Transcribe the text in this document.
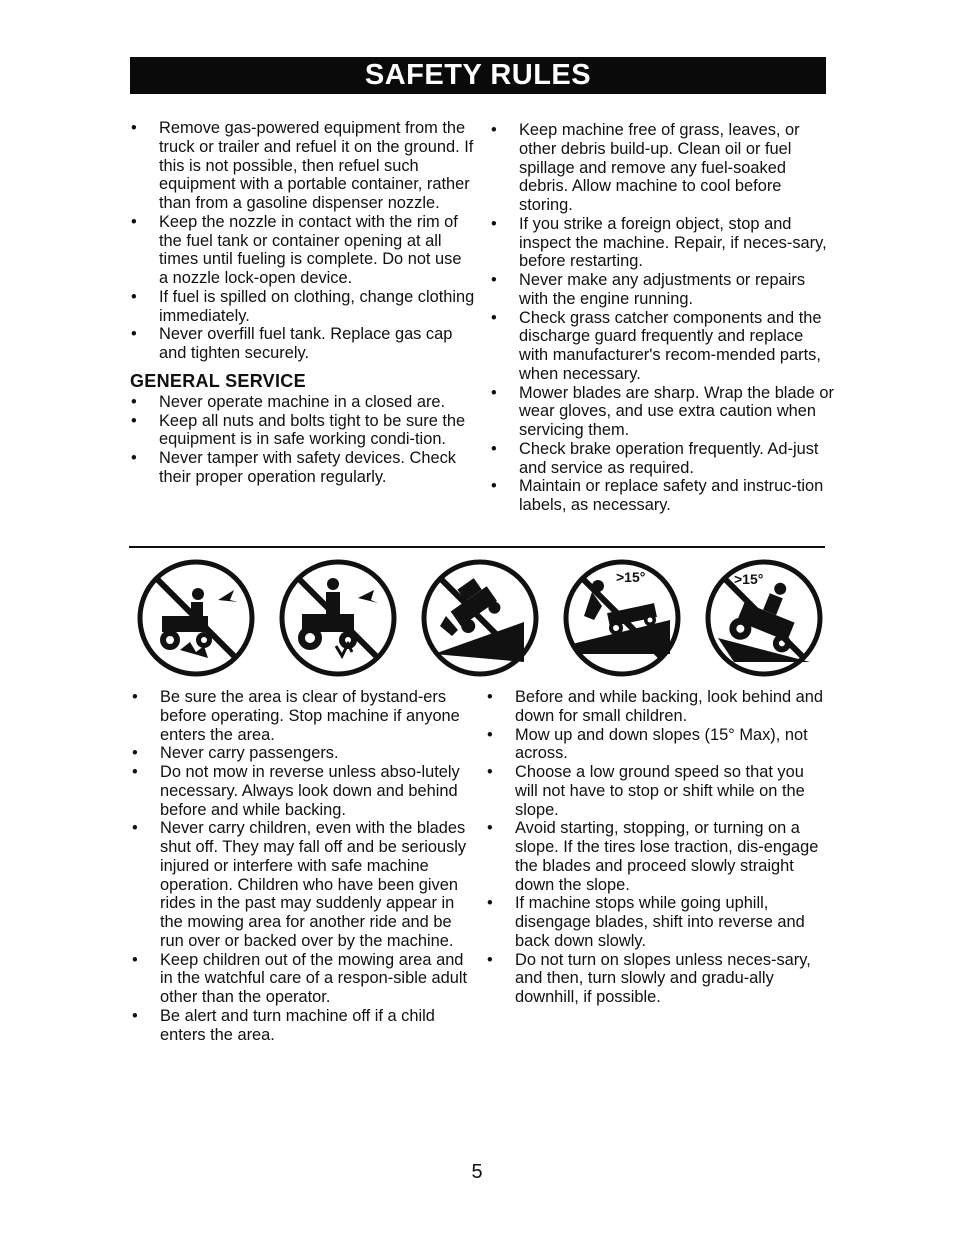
SAFETY RULES
• Remove gas-powered equipment from the truck or trailer and refuel it on the ground. If this is not possible, then refuel such equipment with a portable container, rather than from a gasoline dispenser nozzle.
• Keep the nozzle in contact with the rim of the fuel tank or container opening at all times until fueling is complete. Do not use a nozzle lock-open device.
• If fuel is spilled on clothing, change clothing immediately.
• Never overfill fuel tank. Replace gas cap and tighten securely.
GENERAL SERVICE
• Never operate machine in a closed are.
• Keep all nuts and bolts tight to be sure the equipment is in safe working condi-tion.
• Never tamper with safety devices. Check their proper operation regularly.
• Keep machine free of grass, leaves, or other debris build-up. Clean oil or fuel spillage and remove any fuel-soaked debris. Allow machine to cool before storing.
• If you strike a foreign object, stop and inspect the machine. Repair, if neces-sary, before restarting.
• Never make any adjustments or repairs with the engine running.
• Check grass catcher components and the discharge guard frequently and replace with manufacturer's recom-mended parts, when necessary.
• Mower blades are sharp. Wrap the blade or wear gloves, and use extra caution when servicing them.
• Check brake operation frequently. Ad-just and service as required.
• Maintain or replace safety and instruc-tion labels, as necessary.
>15°	>15°
• Be sure the area is clear of bystand-ers before operating. Stop machine if anyone enters the area.
• Never carry passengers.
• Do not mow in reverse unless abso-lutely necessary. Always look down and behind before and while backing.
• Never carry children, even with the blades shut off. They may fall off and be seriously injured or interfere with safe machine operation. Children who have been given rides in the past may suddenly appear in the mowing area for another ride and be run over or backed over by the machine.
• Keep children out of the mowing area and in the watchful care of a respon-sible adult other than the operator.
• Be alert and turn machine off if a child enters the area.
• Before and while backing, look behind and down for small children.
• Mow up and down slopes (15° Max), not across.
• Choose a low ground speed so that you will not have to stop or shift while on the slope.
• Avoid starting, stopping, or turning on a slope. If the tires lose traction, dis-engage the blades and proceed slowly straight down the slope.
• If machine stops while going uphill, disengage blades, shift into reverse and back down slowly.
• Do not turn on slopes unless neces-sary, and then, turn slowly and gradu-ally downhill, if possible.
5
